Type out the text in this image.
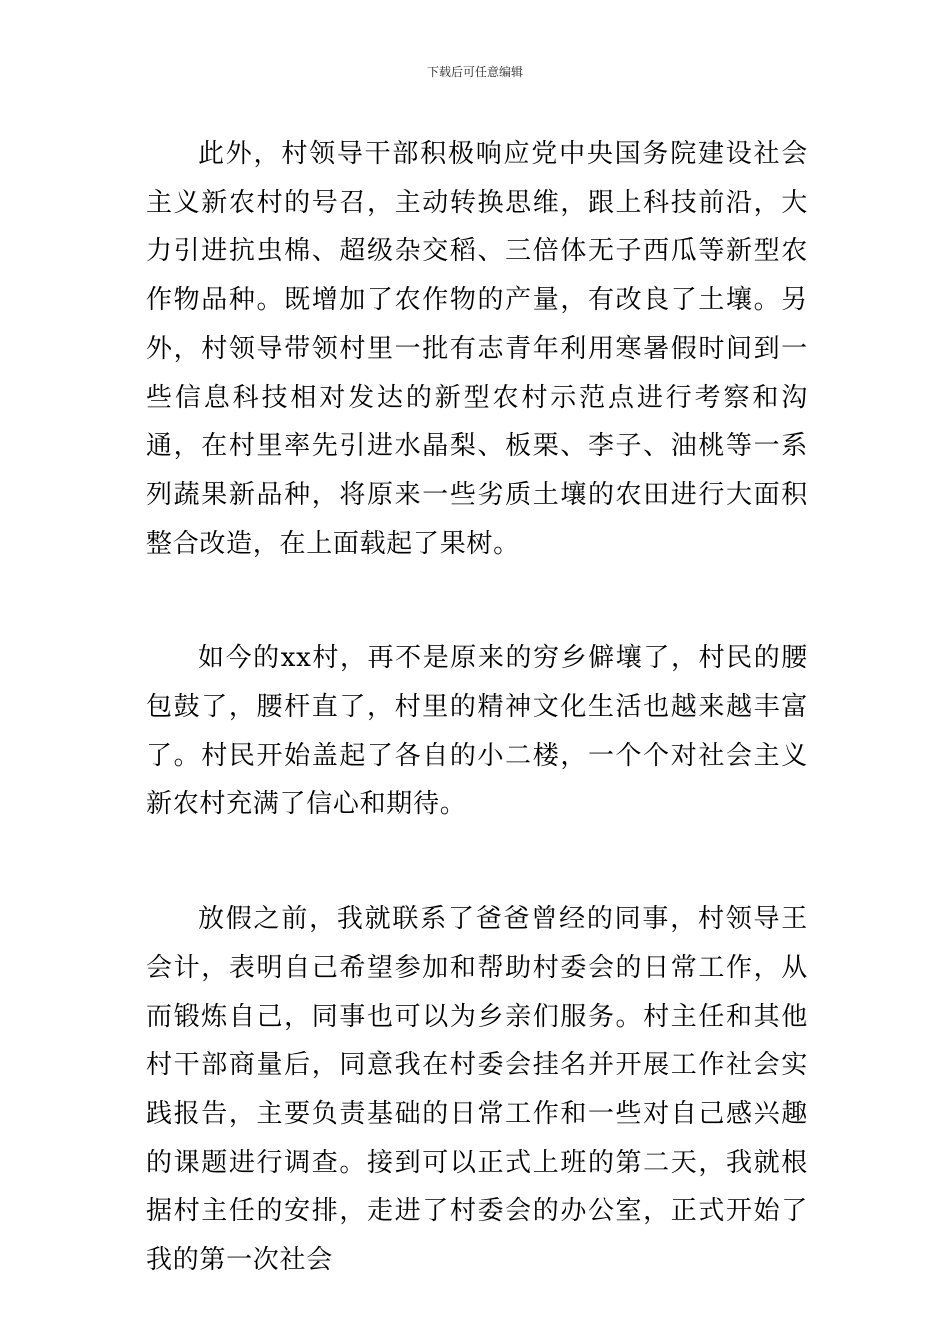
下载后可任意编辑

此外，村领导干部积极响应党中央国务院建设社会主义新农村的号召，主动转换思维，跟上科技前沿，大力引进抗虫棉、超级杂交稻、三倍体无子西瓜等新型农作物品种。既增加了农作物的产量，有改良了土壤。另外，村领导带领村里一批有志青年利用寒暑假时间到一些信息科技相对发达的新型农村示范点进行考察和沟通，在村里率先引进水晶梨、板栗、李子、油桃等一系列蔬果新品种，将原来一些劣质土壤的农田进行大面积整合改造，在上面载起了果树。

如今的xx村，再不是原来的穷乡僻壤了，村民的腰包鼓了，腰杆直了，村里的精神文化生活也越来越丰富了。村民开始盖起了各自的小二楼，一个个对社会主义新农村充满了信心和期待。

放假之前，我就联系了爸爸曾经的同事，村领导王会计，表明自己希望参加和帮助村委会的日常工作，从而锻炼自己，同事也可以为乡亲们服务。村主任和其他村干部商量后，同意我在村委会挂名并开展工作社会实践报告，主要负责基础的日常工作和一些对自己感兴趣的课题进行调查。接到可以正式上班的第二天，我就根据村主任的安排，走进了村委会的办公室，正式开始了我的第一次社会
